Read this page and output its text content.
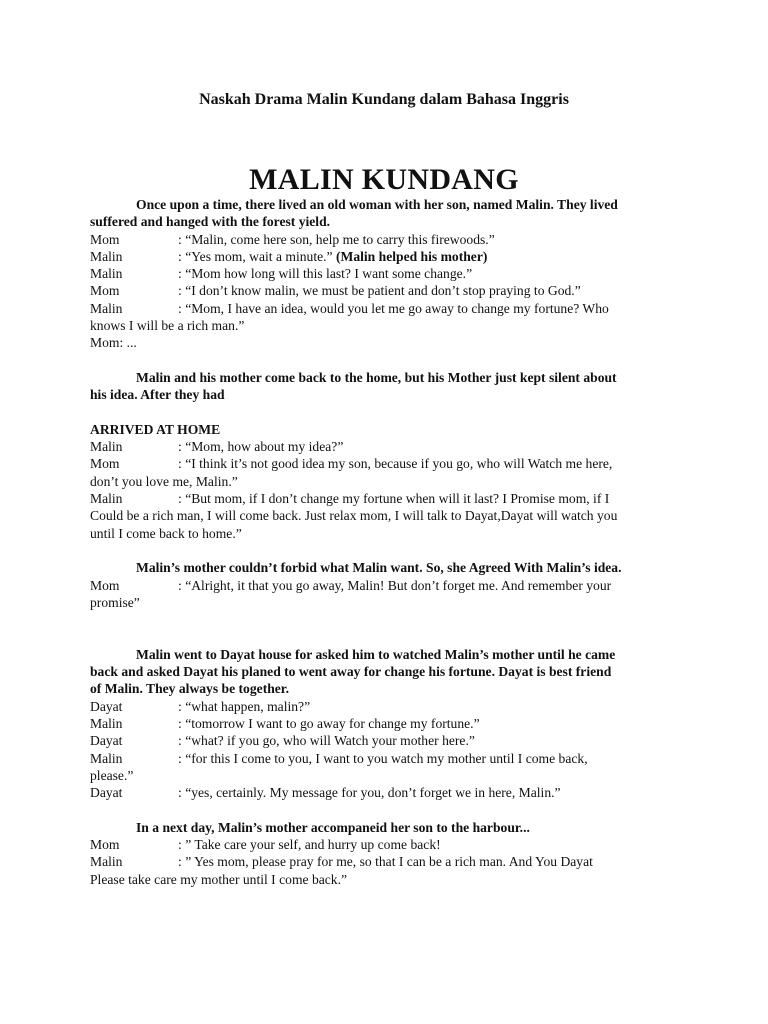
Naskah Drama Malin Kundang dalam Bahasa Inggris
MALIN KUNDANG
Once upon a time, there lived an old woman with her son, named Malin. They lived
suffered and hanged with the forest yield.
Mom	: “Malin, come here son, help me to carry this firewoods.”
Malin	: “Yes mom, wait a minute.” (Malin helped his mother)
Malin	: “Mom how long will this last? I want some change.”
Mom	: “I don’t know malin, we must be patient and don’t stop praying to God.”
Malin	: “Mom, I have an idea, would you let me go away to change my fortune? Who
knows I will be a rich man.”
Mom: ...
Malin and his mother come back to the home, but his Mother just kept silent about
his idea. After they had
ARRIVED AT HOME
Malin	: “Mom, how about my idea?”
Mom	: “I think it’s not good idea my son, because if you go, who will Watch me here,
don’t you love me, Malin.”
Malin	: “But mom, if I don’t change my fortune when will it last? I Promise mom, if I
Could be a rich man, I will come back. Just relax mom, I will talk to Dayat,Dayat will watch you
until I come back to home.”
Malin’s mother couldn’t forbid what Malin want. So, she Agreed With Malin’s idea.
Mom	: “Alright, it that you go away, Malin! But don’t forget me. And remember your
promise”
Malin went to Dayat house for asked him to watched Malin’s mother until he came
back and asked Dayat his planed to went away for change his fortune. Dayat is best friend
of Malin. They always be together.
Dayat	: “what happen, malin?”
Malin	: “tomorrow I want to go away for change my fortune.”
Dayat	: “what? if you go, who will Watch your mother here.”
Malin	: “for this I come to you, I want to you watch my mother until I come back,
please.”
Dayat	: “yes, certainly. My message for you, don’t forget we in here, Malin.”
In a next day, Malin’s mother accompaneid her son to the harbour...
Mom	: ” Take care your self, and hurry up come back!
Malin	: ” Yes mom, please pray for me, so that I can be a rich man. And You Dayat
Please take care my mother until I come back.”
